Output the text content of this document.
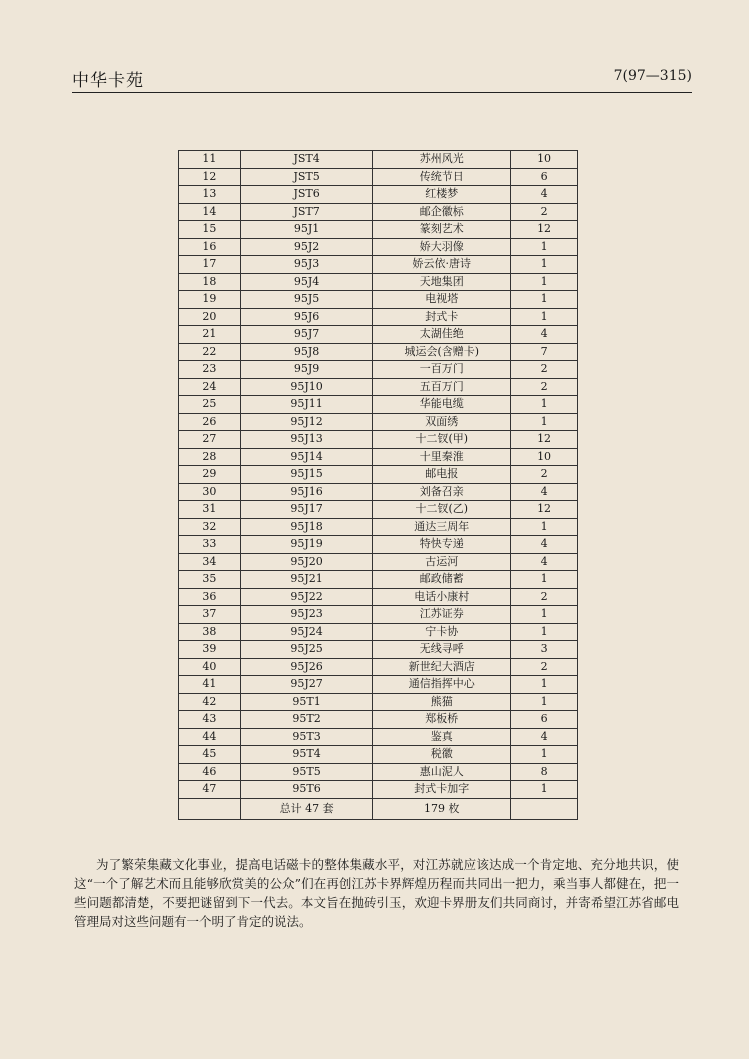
中华卡苑	7(97—315)
11	JST4	苏州风光	10
12	JST5	传统节日	6
13	JST6	红楼梦	4
14	JST7	邮企徽标	2
15	95J1	篆刻艺术	12
16	95J2	娇大羽像	1
17	95J3	娇云依·唐诗	1
18	95J4	天地集团	1
19	95J5	电视塔	1
20	95J6	封式卡	1
21	95J7	太湖佳绝	4
22	95J8	城运会(含赠卡)	7
23	95J9	一百万门	2
24	95J10	五百万门	2
25	95J11	华能电缆	1
26	95J12	双面绣	1
27	95J13	十二钗(甲)	12
28	95J14	十里秦淮	10
29	95J15	邮电报	2
30	95J16	刘备召亲	4
31	95J17	十二钗(乙)	12
32	95J18	通达三周年	1
33	95J19	特快专递	4
34	95J20	古运河	4
35	95J21	邮政储蓄	1
36	95J22	电话小康村	2
37	95J23	江苏证券	1
38	95J24	宁卡协	1
39	95J25	无线寻呼	3
40	95J26	新世纪大酒店	2
41	95J27	通信指挥中心	1
42	95T1	熊猫	1
43	95T2	郑板桥	6
44	95T3	鉴真	4
45	95T4	税徽	1
46	95T5	惠山泥人	8
47	95T6	封式卡加字	1
	总计 47 套	179 枚	

为了繁荣集藏文化事业，提高电话磁卡的整体集藏水平，对江苏就应该达成一个肯定地、充分地共识，使这“一个了解艺术而且能够欣赏美的公众”们在再创江苏卡界辉煌历程而共同出一把力，乘当事人都健在，把一些问题都清楚，不要把谜留到下一代去。本文旨在抛砖引玉，欢迎卡界册友们共同商讨，并寄希望江苏省邮电管理局对这些问题有一个明了肯定的说法。
